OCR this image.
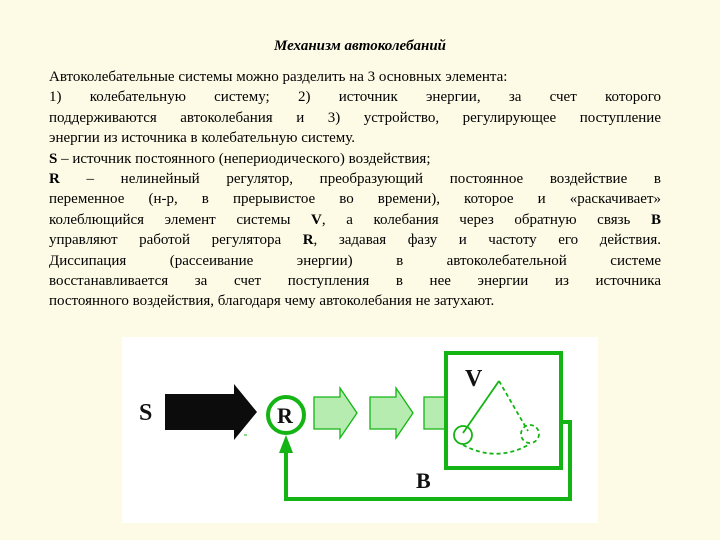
Механизм автоколебаний
Автоколебательные системы можно разделить на 3 основных элемента:
1) колебательную систему; 2) источник энергии, за счет которого
поддерживаются автоколебания и 3) устройство, регулирующее поступление
энергии из источника в колебательную систему.
S – источник постоянного (непериодического) воздействия;
R – нелинейный регулятор, преобразующий постоянное воздействие в
переменное (н-р, в прерывистое во времени), которое и «раскачивает»
колеблющийся элемент системы V, а колебания через обратную связь В
управляют работой регулятора R, задавая фазу и частоту его действия.
Диссипация (рассеивание энергии) в автоколебательной системе
восстанавливается за счет поступления в нее энергии из источника
постоянного воздействия, благодаря чему автоколебания не затухают.
S	R
V
B
